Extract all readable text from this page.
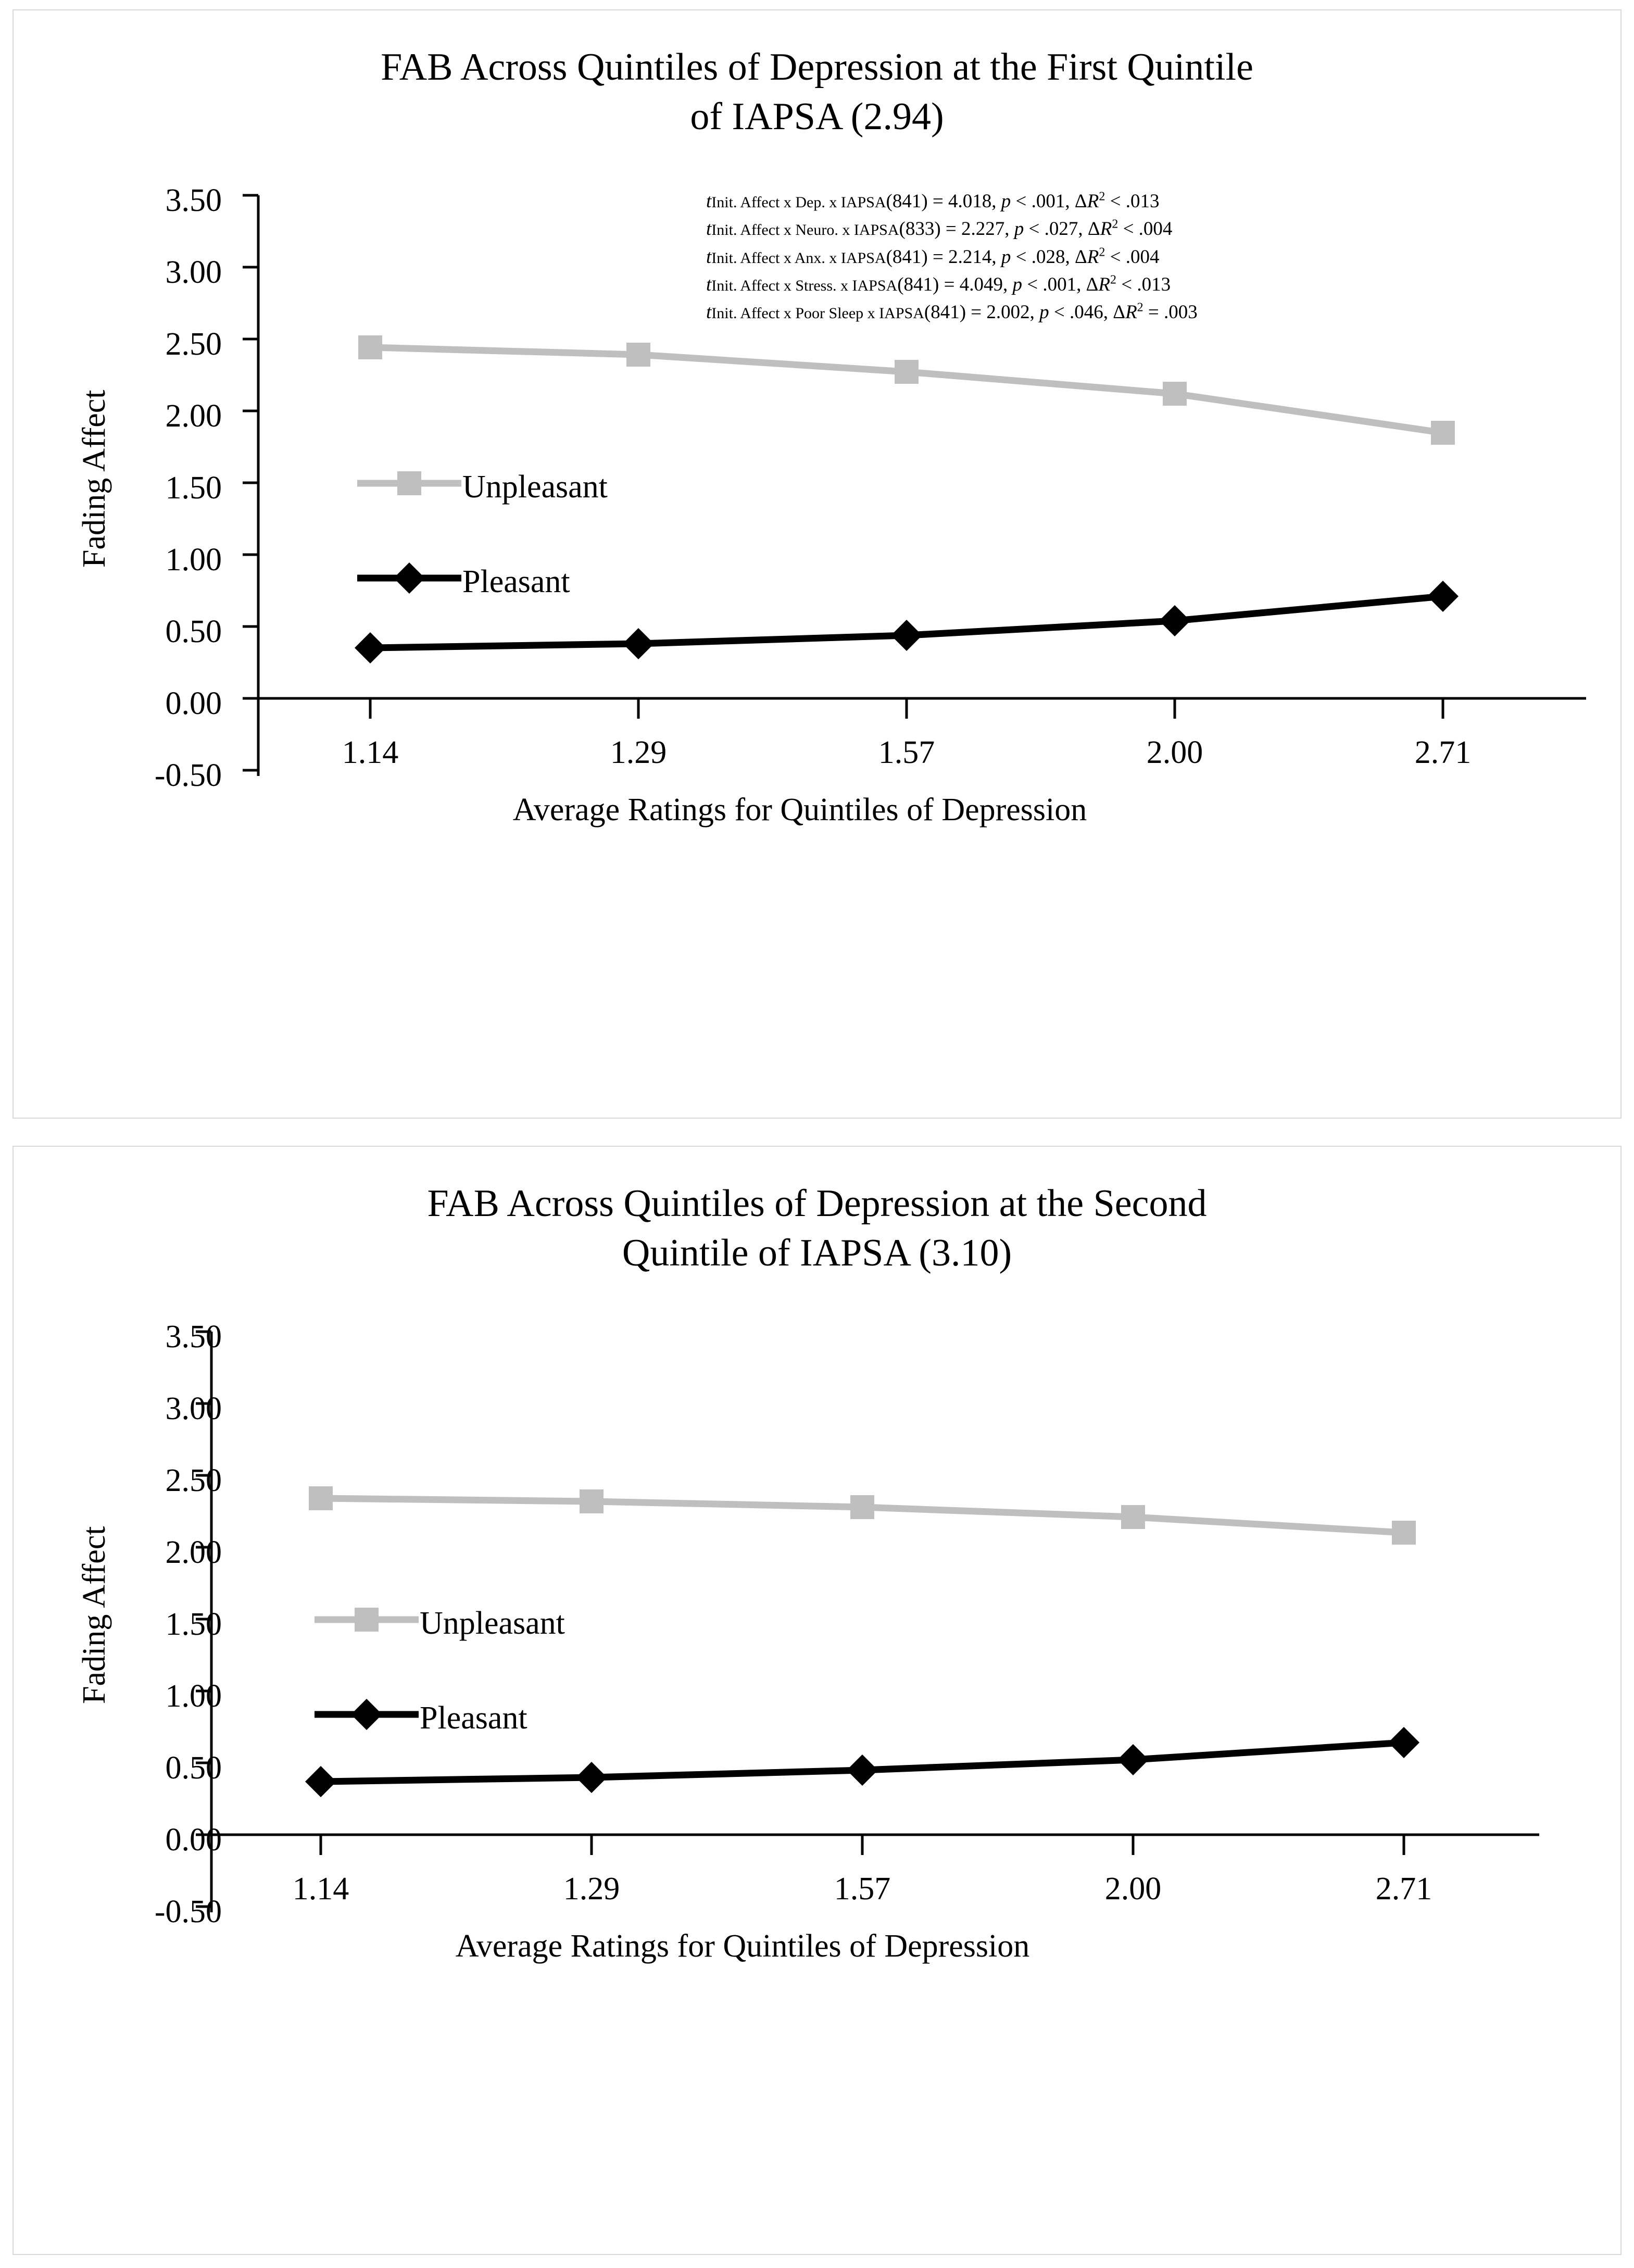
FAB Across Quintiles of Depression at the First Quintile
of IAPSA (2.94)
Fading Affect
3.50
3.00
2.50
2.00
1.50
1.00
0.50
0.00
-0.50
1.14	1.29	1.57	2.00	2.71
Average Ratings for Quintiles of Depression
Unpleasant
Pleasant
tInit. Affect x Dep. x IAPSA(841) = 4.018, p < .001, $\Delta R^2 < .013$
tInit. Affect x Neuro. x IAPSA(833) = 2.227, p < .027, $\Delta R^2 < .004$
tInit. Affect x Anx. x IAPSA(841) = 2.214, p < .028, $\Delta R^2 < .004$
tInit. Affect x Stress. x IAPSA(841) = 4.049, p < .001, $\Delta R^2 < .013$
tInit. Affect x Poor Sleep x IAPSA(841) = 2.002, p < .046, $\Delta R^2 = .003$
FAB Across Quintiles of Depression at the Second
Quintile of IAPSA (3.10)
Fading Affect
3.50
3.00
2.50
2.00
1.50
1.00
0.50
0.00
-0.50
1.14	1.29	1.57	2.00	2.71
Average Ratings for Quintiles of Depression
Unpleasant
Pleasant
